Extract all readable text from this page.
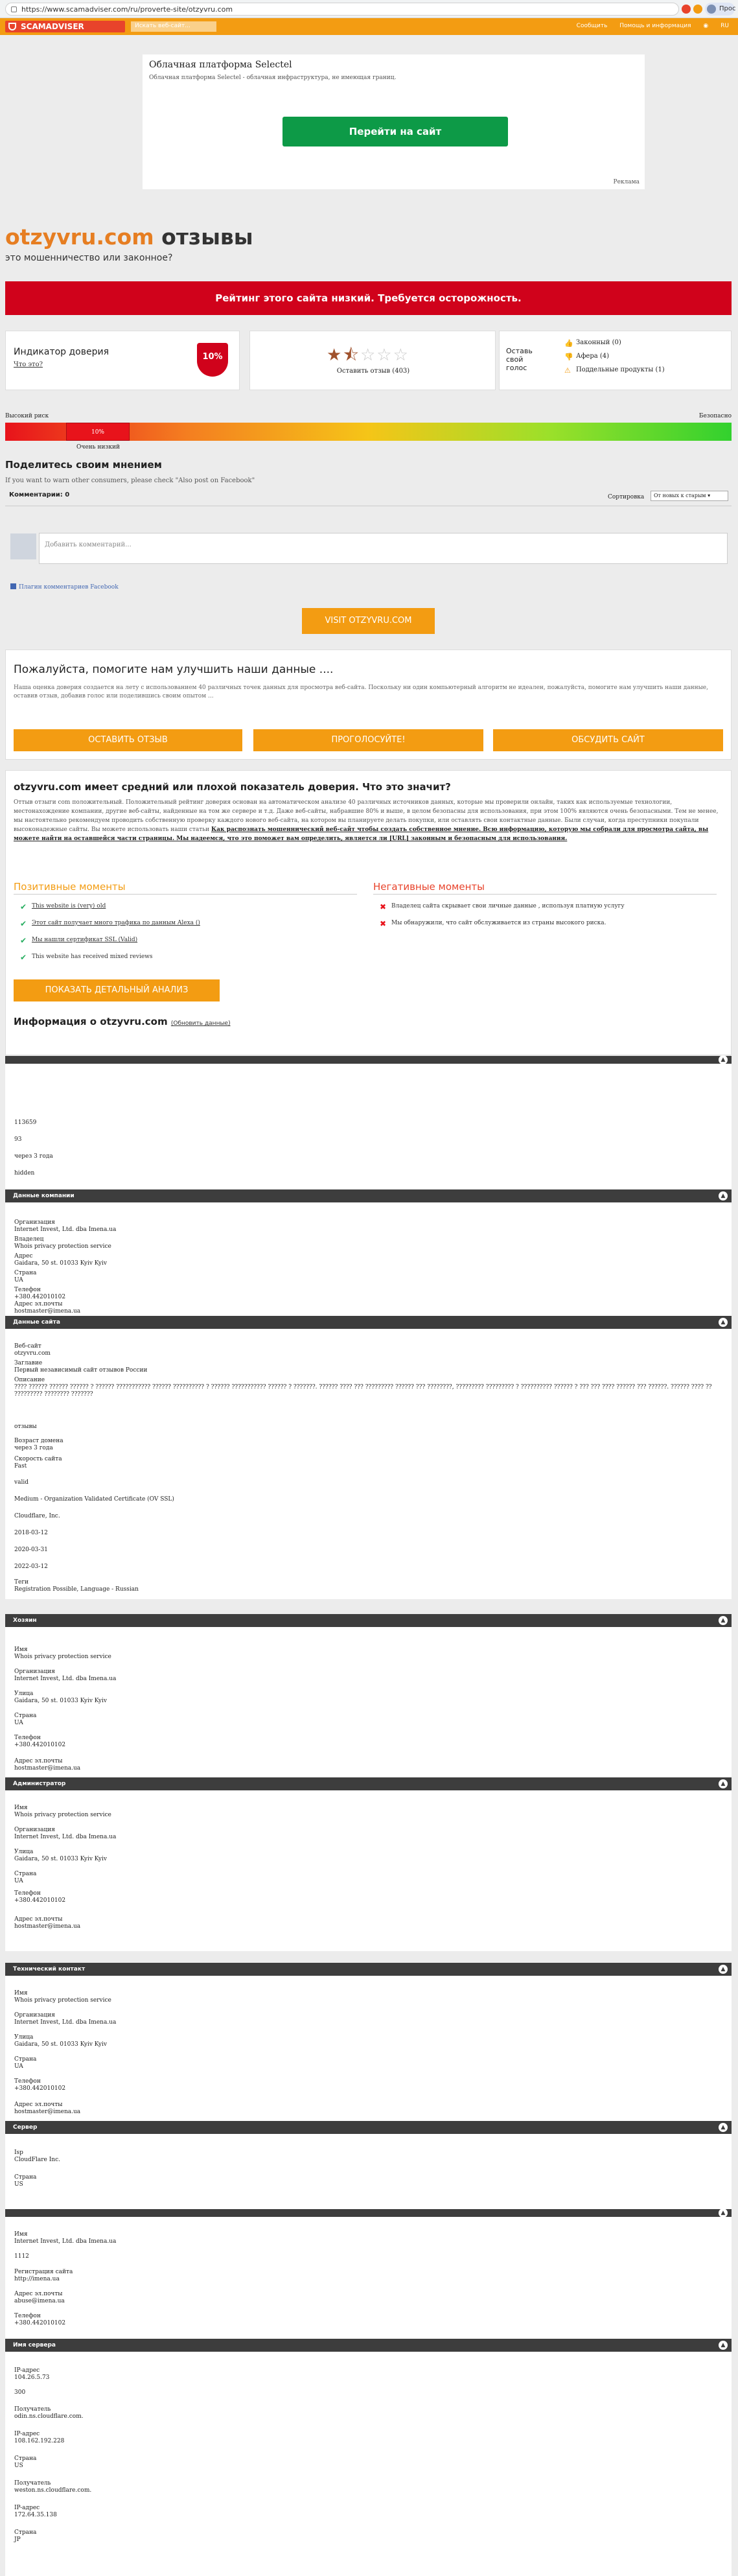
https://www.scamadviser.com/ru/proverte-site/otzyvru.com	Прос
SCAMADVISER	Искать веб-сайт...	Сообщить Помощь и информация ◉ RU
Облачная платформа Selectel
Облачная платформа Selectel - облачная инфраструктура, не имеющая границ.
Перейти на сайт
Реклама
otzyvru.com отзывы
это мошенничество или законное?
Рейтинг этого сайта низкий. Требуется осторожность.
Индикатор доверия
Что это?
10%	★⯪☆☆☆
Оставить отзыв (403)
Оставь свой голос
👍 Законный (0)
👎 Афера (4)
⚠ Поддельные продукты (1)
Высокий риск	Безопасно
10%
Очень низкий
Поделитесь своим мнением
If you want to warn other consumers, please check "Also post on Facebook"
Комментарии: 0	Сортировка	От новых к старым ▾
Добавить комментарий...
Плагин комментариев Facebook
VISIT OTZYVRU.COM
Пожалуйста, помогите нам улучшить наши данные ....
Наша оценка доверия создается на лету с использованием 40 различных точек данных для просмотра веб-сайта. Поскольку ни один компьютерный алгоритм не идеален, пожалуйста, помогите нам улучшить наши данные, оставив отзыв, добавив голос или поделившись своим опытом ...
ОСТАВИТЬ ОТЗЫВ	ПРОГОЛОСУЙТЕ!	ОБСУДИТЬ САЙТ
otzyvru.com имеет средний или плохой показатель доверия. Что это значит?
Оттыв отзыги com положительный. Положительный рейтинг доверия основан на автоматическом анализе 40 различных источников данных, которые мы проверили онлайн, таких как используемые технологии, местонахождение компании, другие веб-сайты, найденные на том же сервере и т.д. Даже веб-сайты, набравшие 80% и выше, в целом безопасны для использования, при этом 100% являются очень безопасными. Тем не менее, мы настоятельно рекомендуем проводить собственную проверку каждого нового веб-сайта, на котором вы планируете делать покупки, или оставлять свои контактные данные. Были случаи, когда преступники покупали высоконадежные сайты. Вы можете использовать наши статьи Как распознать мошеннический веб-сайт чтобы создать собственное мнение. Всю информацию, которую мы собрали для просмотра сайта, вы можете найти на оставшейся части страницы. Мы надеемся, что это поможет вам определить, является ли [URL] законным и безопасным для использования.
Позитивные моменты	Негативные моменты
✔ This website is (very) old
✔ Этот сайт получает много трафика по данным Alexa ()
✔ Мы нашли сертификат SSL (Valid)
✔ This website has received mixed reviews
✖ Владелец сайта скрывает свои личные данные , используя платную услугу
✖ Мы обнаружили, что сайт обслуживается из страны высокого риска.
ПОКАЗАТЬ ДЕТАЛЬНЫЙ АНАЛИЗ
Информация о otzyvru.com (Обновить данные)
▲
113659
93
через 3 года
hidden
Данные компании	▲
Организация
Internet Invest, Ltd. dba Imena.ua
Владелец
Whois privacy protection service
Адрес
Gaidara, 50 st. 01033 Kyiv Kyiv
Страна
UA
Телефон
+380.442010102
Адрес эл.почты
hostmaster@imena.ua
Данные сайта	▲
Веб-сайт
otzyvru.com
Заглавие
Первый независимый сайт отзывов России
Описание
???? ?????? ?????? ?????? ? ?????? ??????????? ?????? ?????????? ? ?????? ??????????? ?????? ? ???????. ?????? ???? ??? ????????? ?????? ??? ????????, ????????? ????????? ? ?????????? ?????? ? ??? ??? ???? ?????? ??? ??????. ?????? ???? ?? ????????? ???????? ???????
отзывы
Возраст домена
через 3 года
Скорость сайта
Fast
valid
Medium - Organization Validated Certificate (OV SSL)
Cloudflare, Inc.
2018-03-12
2020-03-31
2022-03-12
Теги
Registration Possible, Language - Russian
Хозяин	▲
Имя
Whois privacy protection service
Организация
Internet Invest, Ltd. dba Imena.ua
Улица
Gaidara, 50 st. 01033 Kyiv Kyiv
Страна
UA
Телефон
+380.442010102
Адрес эл.почты
hostmaster@imena.ua
Администратор	▲
Имя
Whois privacy protection service
Организация
Internet Invest, Ltd. dba Imena.ua
Улица
Gaidara, 50 st. 01033 Kyiv Kyiv
Страна
UA
Телефон
+380.442010102
Адрес эл.почты
hostmaster@imena.ua
Технический контакт	▲
Имя
Whois privacy protection service
Организация
Internet Invest, Ltd. dba Imena.ua
Улица
Gaidara, 50 st. 01033 Kyiv Kyiv
Страна
UA
Телефон
+380.442010102
Адрес эл.почты
hostmaster@imena.ua
Сервер	▲
Isp
CloudFlare Inc.
Страна
US
▲
Имя
Internet Invest, Ltd. dba Imena.ua
1112
Регистрация сайта
http://imena.ua
Адрес эл.почты
abuse@imena.ua
Телефон
+380.442010102
Имя сервера	▲
IP-адрес
104.26.5.73
300
Получатель
odin.ns.cloudflare.com.
IP-адрес
108.162.192.228
Страна
US
Получатель
weston.ns.cloudflare.com.
IP-адрес
172.64.35.138
Страна
JP
